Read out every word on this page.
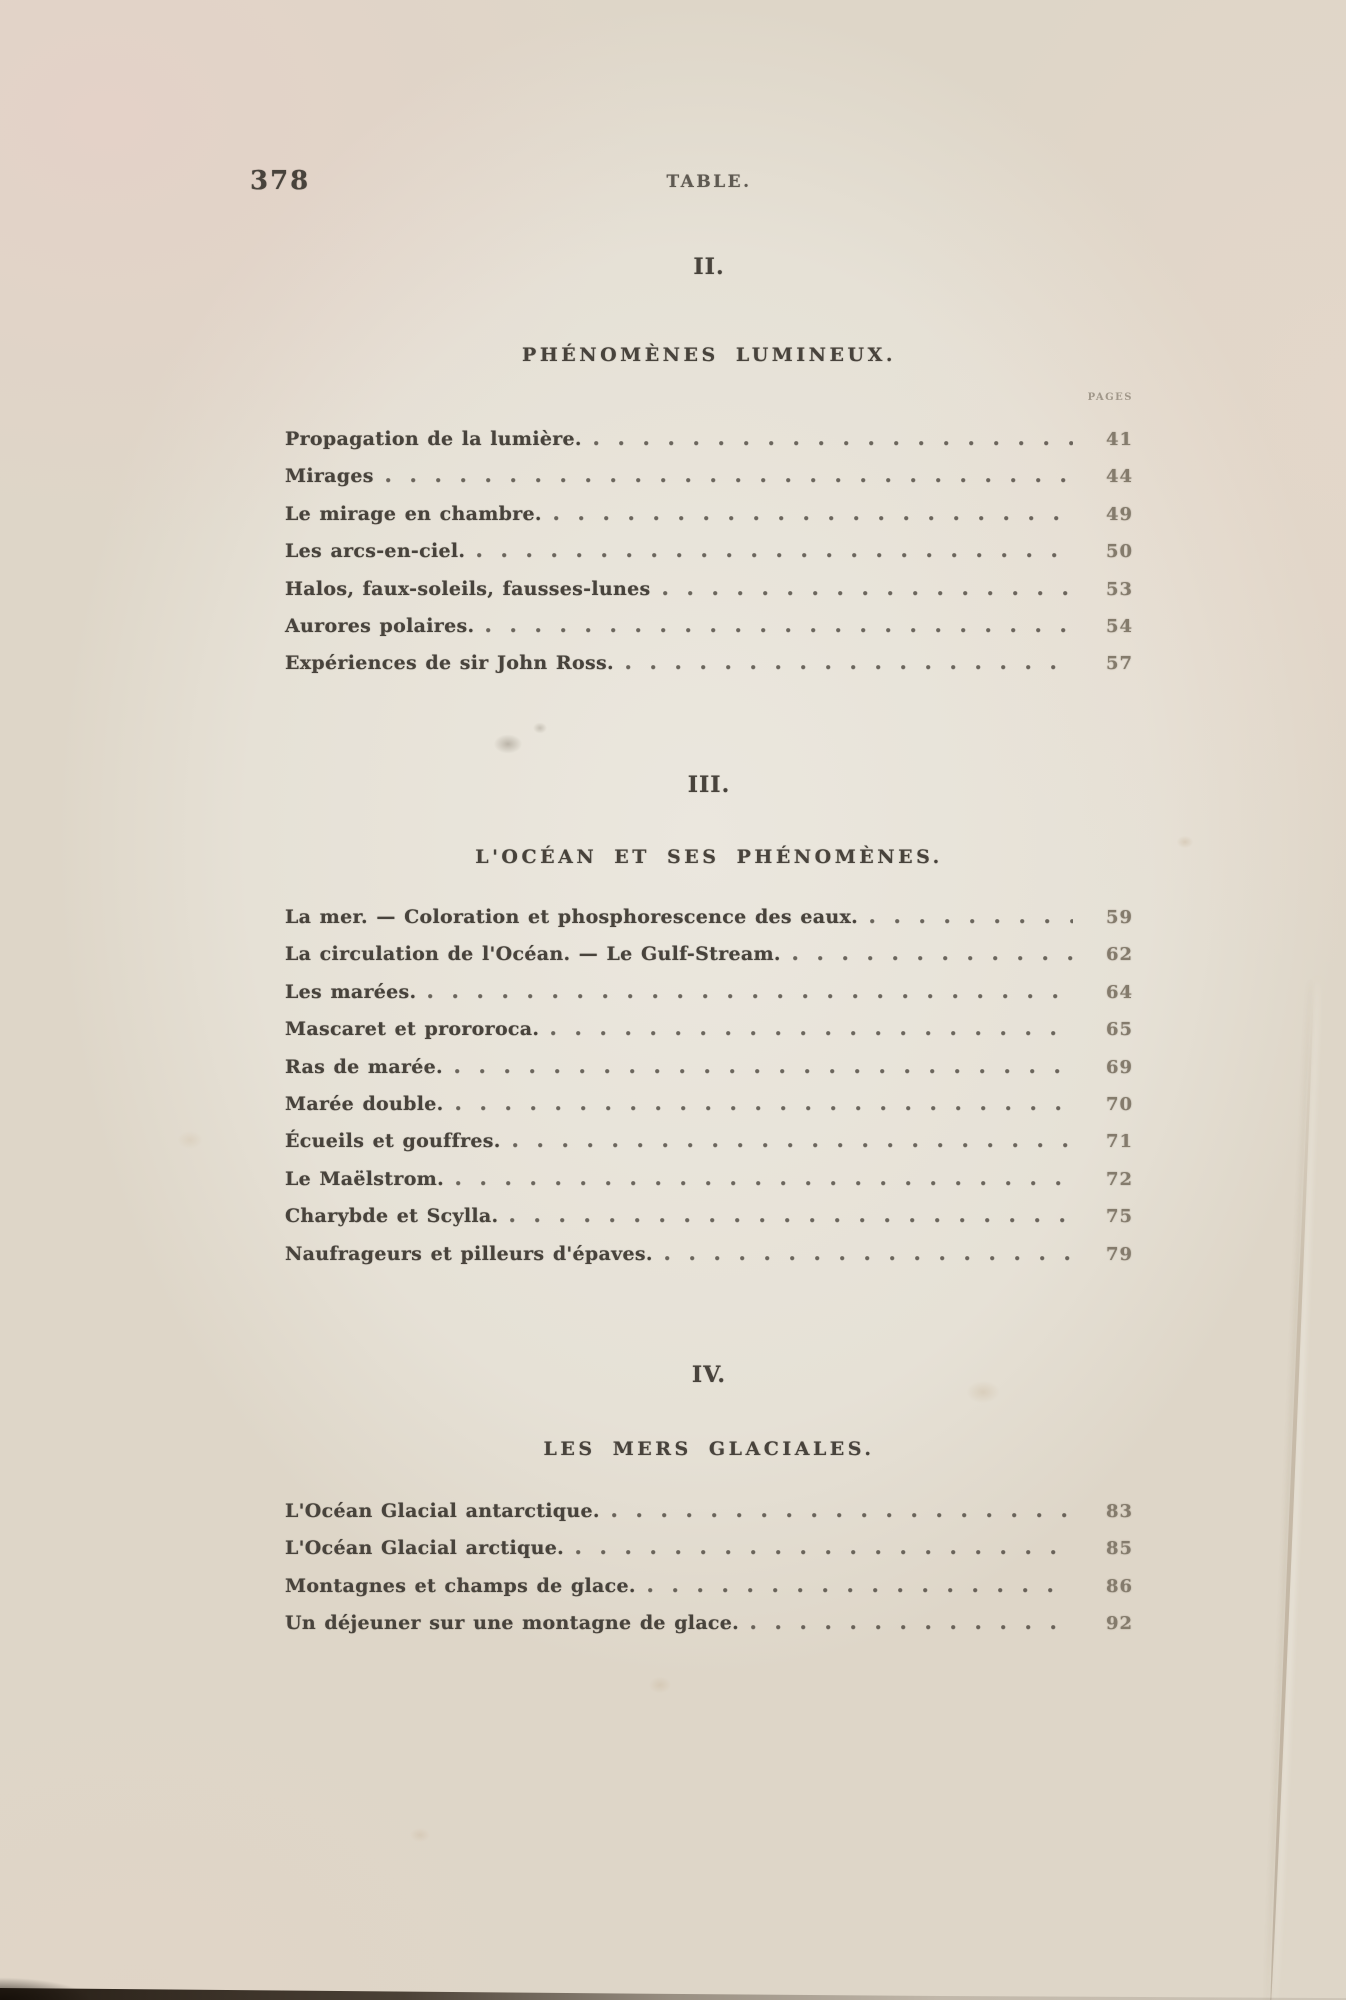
378	TABLE.
II.
PHÉNOMÈNES LUMINEUX.
PAGES
Propagation de la lumière.	41
Mirages	44
Le mirage en chambre.	49
Les arcs-en-ciel.	50
Halos, faux-soleils, fausses-lunes	53
Aurores polaires.	54
Expériences de sir John Ross.	57
III.
L'OCÉAN ET SES PHÉNOMÈNES.
La mer. — Coloration et phosphorescence des eaux.	59
La circulation de l'Océan. — Le Gulf-Stream.	62
Les marées.	64
Mascaret et prororoca.	65
Ras de marée.	69
Marée double.	70
Écueils et gouffres.	71
Le Maëlstrom.	72
Charybde et Scylla.	75
Naufrageurs et pilleurs d'épaves.	79
IV.
LES MERS GLACIALES.
L'Océan Glacial antarctique.	83
L'Océan Glacial arctique.	85
Montagnes et champs de glace.	86
Un déjeuner sur une montagne de glace.	92
